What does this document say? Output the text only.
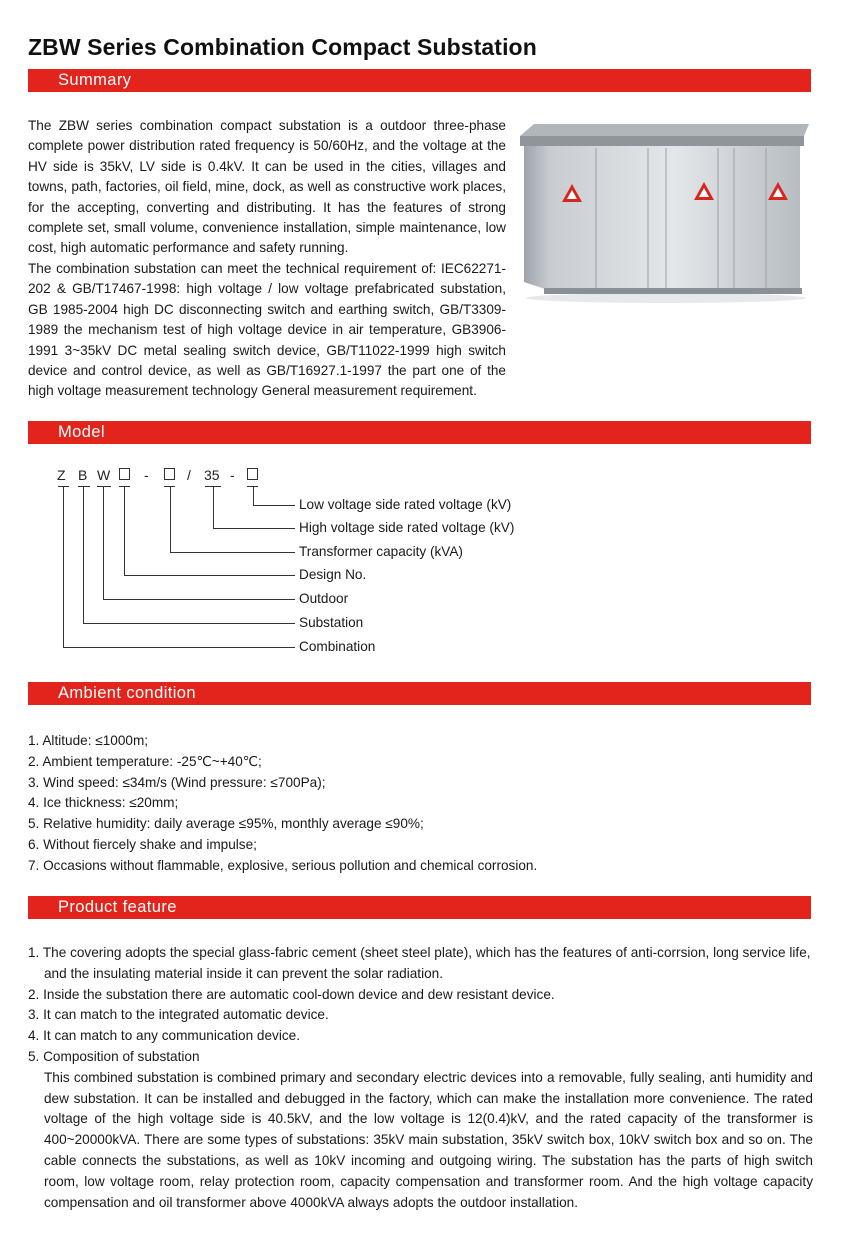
ZBW Series Combination Compact Substation
Summary

The ZBW series combination compact substation is a outdoor three-phase complete power distribution rated frequency is 50/60Hz, and the voltage at the HV side is 35kV, LV side is 0.4kV. It can be used in the cities, villages and towns, path, factories, oil field, mine, dock, as well as constructive work places, for the accepting, converting and distributing. It has the features of strong complete set, small volume, convenience installation, simple maintenance, low cost, high automatic performance and safety running.

The combination substation can meet the technical requirement of: IEC62271-202 & GB/T17467-1998: high voltage / low voltage prefabricated substation, GB 1985-2004 high DC disconnecting switch and earthing switch, GB/T3309-1989 the mechanism test of high voltage device in air temperature, GB3906-1991 3~35kV DC metal sealing switch device, GB/T11022-1999 high switch device and control device, as well as GB/T16927.1-1997 the part one of the high voltage measurement technology General measurement requirement.

Model
Z B W -	/ 35 -
Low voltage side rated voltage (kV)
High voltage side rated voltage (kV)
Transformer capacity (kVA)
Design No.
Outdoor
Substation
Combination
Ambient condition
1. Altitude: ≤1000m;
2. Ambient temperature: -25℃~+40℃;
3. Wind speed: ≤34m/s (Wind pressure: ≤700Pa);
4. Ice thickness: ≤20mm;
5. Relative humidity: daily average ≤95%, monthly average ≤90%;
6. Without fiercely shake and impulse;
7. Occasions without flammable, explosive, serious pollution and chemical corrosion.
Product feature
1. The covering adopts the special glass-fabric cement (sheet steel plate), which has the features of anti-corrsion, long service life, and the insulating material inside it can prevent the solar radiation.
2. Inside the substation there are automatic cool-down device and dew resistant device.
3. It can match to the integrated automatic device.
4. It can match to any communication device.
5. Composition of substation
This combined substation is combined primary and secondary electric devices into a removable, fully sealing, anti humidity and dew substation. It can be installed and debugged in the factory, which can make the installation more convenience. The rated voltage of the high voltage side is 40.5kV, and the low voltage is 12(0.4)kV, and the rated capacity of the transformer is 400~20000kVA. There are some types of substations: 35kV main substation, 35kV switch box, 10kV switch box and so on. The cable connects the substations, as well as 10kV incoming and outgoing wiring. The substation has the parts of high switch room, low voltage room, relay protection room, capacity compensation and transformer room. And the high voltage capacity compensation and oil transformer above 4000kVA always adopts the outdoor installation.
